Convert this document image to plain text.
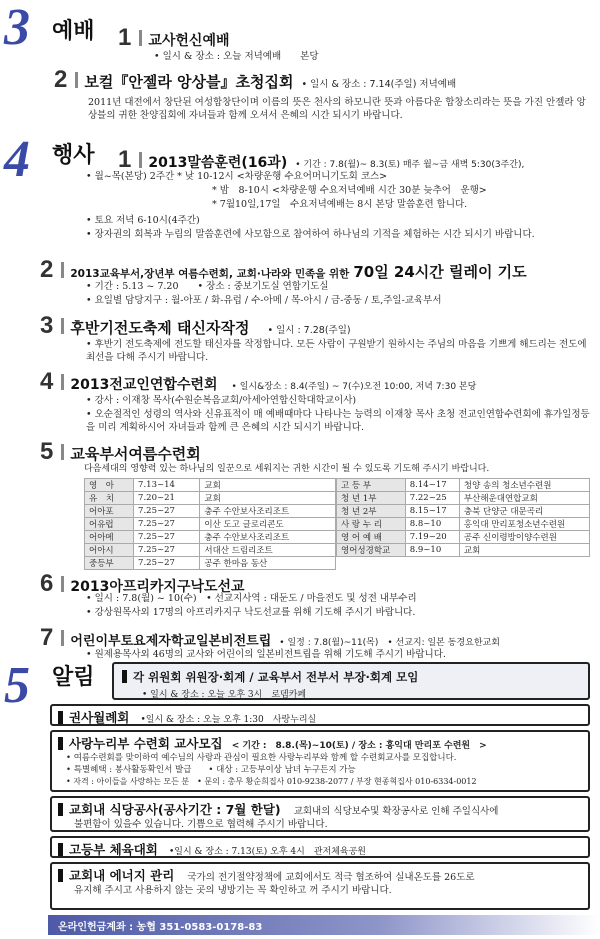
3 예배 1 교사헌신예배
• 일시 & 장소 : 오늘 저녁예배　　본당
2 보컬『안젤라 앙상블』초청집회 • 일시 & 장소 : 7.14(주일) 저녁예배
2011년 대전에서 창단된 여성합창단이며 이름의 뜻은 천사의 하모니란 뜻과 아름다운 합창소리라는 뜻을 가진 안젤라 앙상블의 귀한 찬양집회에 자녀들과 함께 오셔서 은혜의 시간 되시기 바랍니다.
4 행사 1 2013말씀훈련(16과) • 기간 : 7.8(월)~ 8.3(토) 매주 월~금 새벽 5:30(3주간),
• 월~목(본당) 2주간 * 낮 10-12시 <차량운행 수요어머니기도회 코스>
* 밤　8-10시 <차량운행 수요저녁예배 시간 30분 늦추어　운행>
* 7월10일,17일　수요저녁예배는 8시 본당 말씀훈련 합니다.
• 토요 저녁 6-10시(4주간)
• 장자권의 회복과 누림의 말씀훈련에 사모함으로 참여하여 하나님의 기적을 체험하는 시간 되시기 바랍니다.
2 2013교육부서,장년부 여름수련회, 교회·나라와 민족을 위한 70일 24시간 릴레이 기도
• 기간 : 5.13 ~ 7.20　　• 장소 : 중보기도실 연합기도실
• 요일별 담당지구 : 월-아포 / 화-유럽 / 수-아메 / 목-아시 / 금-중동 / 토,주일-교육부서
3 후반기전도축제 태신자작정 • 일시 : 7.28(주일)
• 후반기 전도축제에 전도할 태신자를 작정합니다. 모든 사람이 구원받기 원하시는 주님의 마음을 기쁘게 해드리는 전도에 최선을 다해 주시기 바랍니다.
4 2013전교인연합수련회 • 일시&장소 : 8.4(주일) ~ 7(수)오전 10:00, 저녁 7:30 본당
• 강사 : 이재창 목사(수원순복음교회/아세아연합신학대학교이사)
• 오순절적인 성령의 역사와 신유표적이 매 예배때마다 나타나는 능력의 이재창 목사 초청 전교인연합수련회에 휴가일정등을 미리 계획하시어 자녀들과 함께 큰 은혜의 시간 되시기 바랍니다.
5 교육부서여름수련회
다음세대의 영향력 있는 하나님의 일꾼으로 세워지는 귀한 시간이 될 수 있도록 기도해 주시기 바랍니다.
영　아	7.13~14	교회
유　치	7.20~21	교회
어아포	7.25~27	충주 수안보사조리조트
어유럽	7.25~27	이산 도고 글로리콘도
어아메	7.25~27	충주 수안보사조리조트
어아시	7.25~27	서대산 드림리조트
중등부	7.25~27	공주 한마음 동산
고 등 부	8.14~17	청양 송의 청소년수련원
청 년 1부	7.22~25	부산해운대연합교회
청 년 2부	8.15~17	충북 단양군 대문곡리
사 랑 누 리	8.8~10	홍익대 만리포청소년수련원
영 어 예 배	7.19~20	공주 신이령방이양수련원
영어성경학교	8.9~10	교회
6 2013아프리카지구낙도선교
• 일시 : 7.8(월) ~ 10(수)　• 선교지사역 : 대둔도 / 마을전도 및 성전 내부수리
• 강상원목사외 17명의 아프리카지구 낙도선교를 위해 기도해 주시기 바랍니다.
7 어린이부토요제자학교일본비전트립 • 일정 : 7.8(월)~11(목)　• 선교지: 일본 동경요한교회
• 원제용목사외 46명의 교사와 어린이의 일본비전트립을 위해 기도해 주시기 바랍니다.
5 알림	각 위원회 위원장·회계 / 교육부서 전부서 부장·회계 모임
• 일시 & 장소 : 오늘 오후 3시　로뎀카페
권사월례회 •일시 & 장소 : 오늘 오후 1:30　사랑누리실
사랑누리부 수련회 교사모집 < 기간 :　8.8.(목)~10(토) / 장소 : 홍익대 만리포 수련원　>
• 여름수련회를 맞이하여 예수님의 사랑과 관심이 필요한 사랑누리부와 함께 할 수련회교사를 모집합니다.
• 특별혜택 : 봉사활동확인서 발급　　• 대상 : 고등부이상 남녀 누구든지 가능
• 자격 : 아이들을 사랑하는 모든 분　• 문의 : 총무 황순희집사 010-9238-2077 / 부장 현종혁집사 010-6334-0012
교회내 식당공사(공사기간 : 7월 한달) 교회내의 식당보수및 확장공사로 인해 주일식사에
불편함이 있을수 있습니다. 기쁨으로 협력해 주시기 바랍니다.
고등부 체육대회 •일시 & 장소 : 7.13(토) 오후 4시　관저체육공원
교회내 에너지 관리 국가의 전기절약정책에 교회에서도 적극 협조하여 실내온도를 26도로
유지해 주시고 사용하지 않는 곳의 냉방기는 꼭 확인하고 꺼 주시기 바랍니다.
온라인헌금계좌 : 농협 351-0583-0178-83
